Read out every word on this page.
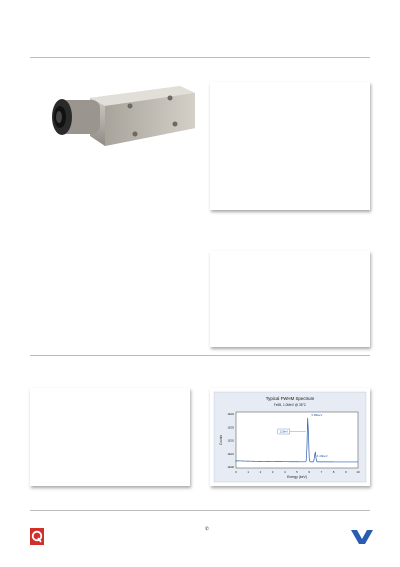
Typical FWHM Spectrum
Fe55, 1.0MeV @ 35°C
0	1	2	3	4	5	6	7	8	9	10
1E04
1E03
1E02
1E01
1E00
Energy (keV)
Counts
128eV
5.89keV
6.49keV
✆
